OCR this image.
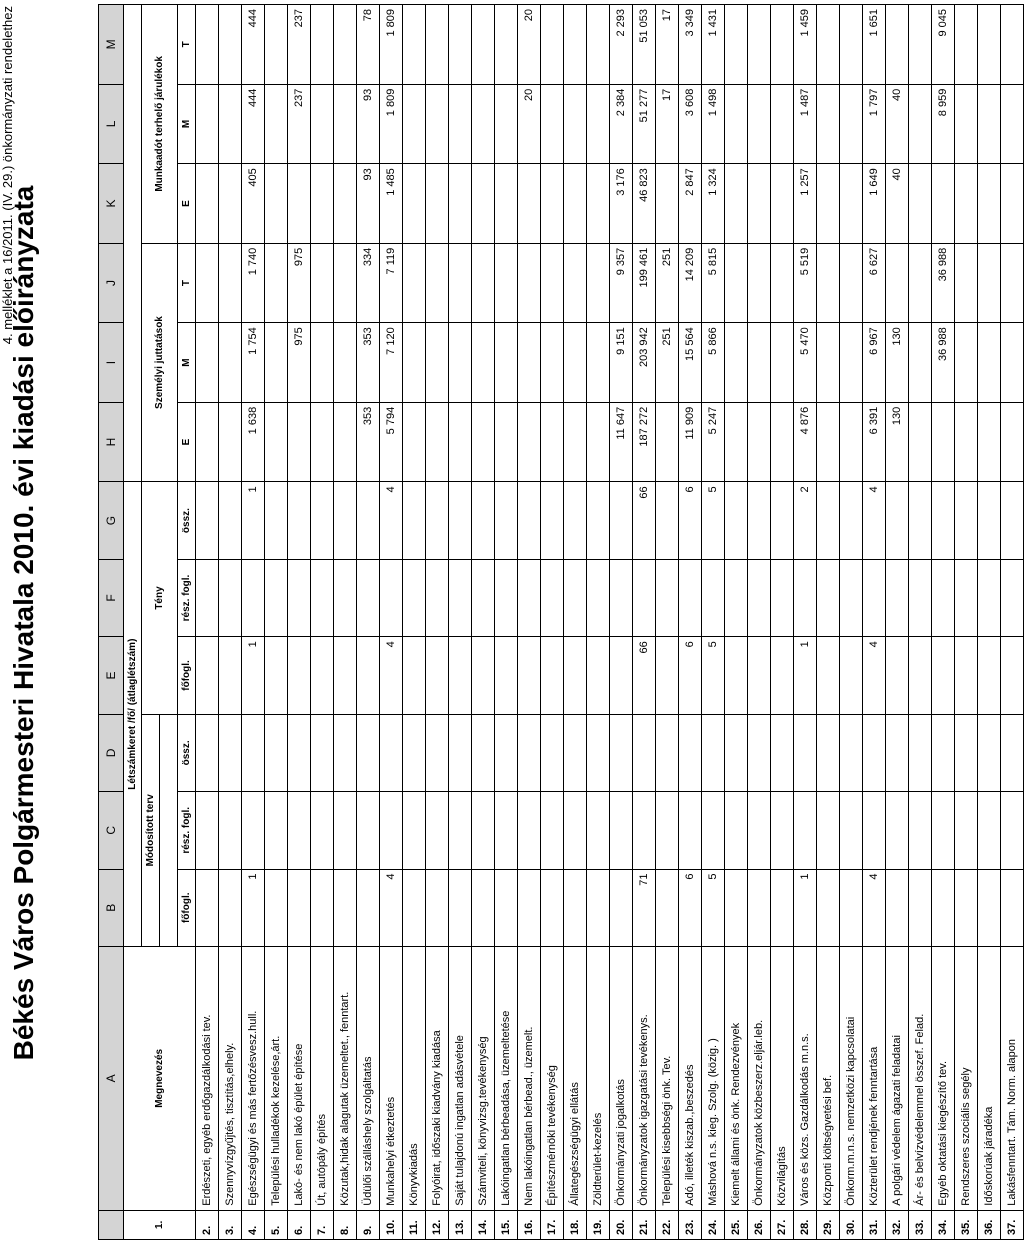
4. melléklet a 16/2011. (IV. 29.) önkormányzati rendelethez
Békés Város Polgármesteri Hivatala 2010. évi kiadási előirányzata
	A	B	C	D	E	F	G	H	I	J	K	L	M
1.	Megnevezés	Létszámkeret /fő/ (átlaglétszám)											
		Módosított terv			Tény			Személyi juttatások			Munkaadót terhelő járulékok		

		főfogl.	rész. fogl.	össz.	főfogl.	rész. fogl.	össz.	E	M	T	E	M	T
2.	Erdészeti, egyéb erdőgazdálkodási tev.												
3.	Szennyvízgyűjtés, tisztítás,elhely.												
4.	Egészségügyi és más fertőzésvesz.hull.	1			1		1	1 638	1 754	1 740	405	444	444
5.	Települési hulladékok kezelése,árt.												
6.	Lakó- és nem lakó épület építése								975	975		237	237
7.	Út, autópály építés												
8.	Közutak,hidak alagutak üzemeltet., fenntart.												
9.	Üdülői szálláshely szolgáltatás							353	353	334	93	93	78
10.	Munkahelyi étkeztetés	4			4		4	5 794	7 120	7 119	1 485	1 809	1 809
11.	Könyvkiadás												
12.	Folyóirat, időszaki kiadvány kiadása												
13.	Saját tulajdonú ingatlan adásvétele												
14.	Számviteli, könyvizsg.tevékenység												
15.	Lakóingatlan bérbeadása, üzemeltetése												
16.	Nem lakóingatlan bérbead., üzemelt.											20	20
17.	Építészmérnöki tevékenység												
18.	Állategészségügyi ellátás												
19.	Zöldterület-kezelés												
20.	Önkormányzati jogalkotás							11 647	9 151	9 357	3 176	2 384	2 293
21.	Önkormányzatok igazgatási tevékenys.	71			66		66	187 272	203 942	199 461	46 823	51 277	51 053
22.	Települési kisebbségi önk. Tev.								251	251		17	17
23.	Adó, illeték kiszab.,beszedés	6			6		6	11 909	15 564	14 209	2 847	3 608	3 349
24.	Máshová n.s. kieg. Szolg. (közig. )	5			5		5	5 247	5 866	5 815	1 324	1 498	1 431
25.	Kiemelt állami és önk. Rendezvények												
26.	Önkormányzatok közbeszerz.eljár.leb.												
27.	Közvilágítás												
28.	Város és közs. Gazdálkodás m.n.s.	1			1		2	4 876	5 470	5 519	1 257	1 487	1 459
29.	Központi költségvetési bef.												
30.	Önkorm.m.n.s. nemzetközi kapcsolatai												
31.	Közterület rendjének fenntartása	4			4		4	6 391	6 967	6 627	1 649	1 797	1 651
32.	A polgári védelem ágazati feladatai							130	130		40	40	
33.	Ár- és belvízvédelemmel összef. Felad.												
34.	Egyéb oktatási kiegészítő tev.								36 988	36 988		8 959	9 045
35.	Rendszeres szociális segély												
36.	Időskorúak járadéka												
37.	Lakásfenntart. Tám. Norm. alapon												
